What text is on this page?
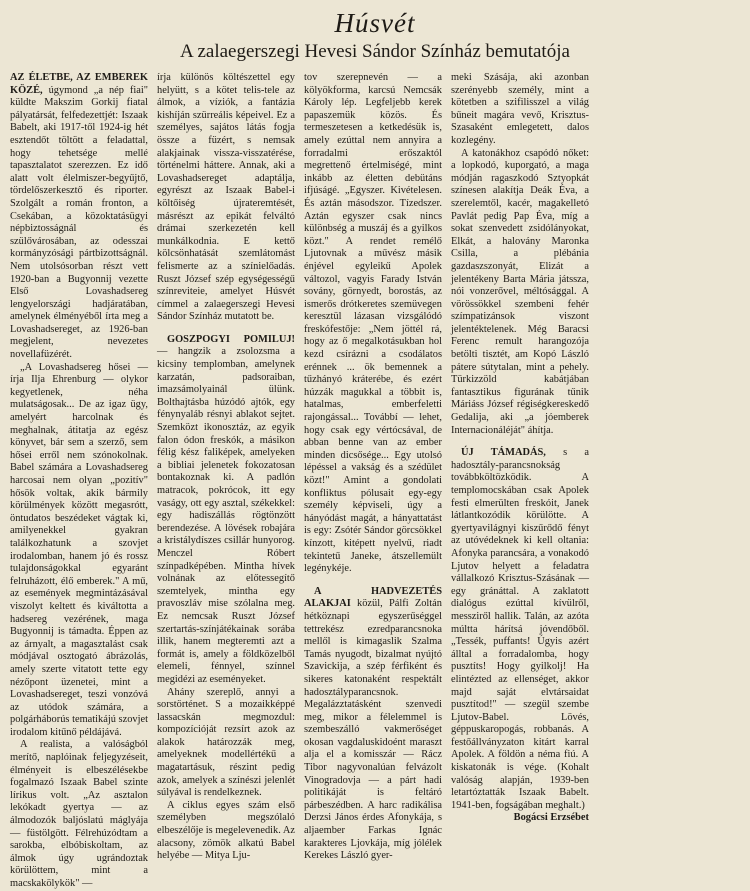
Húsvét
A zalaegerszegi Hevesi Sándor Színház bemutatója

AZ ÉLETBE, AZ EMBEREK KÖZÉ, úgymond „a nép fiai" küldte Makszim Gorkij fiatal pályatársát, felfedezettjét: Iszaak Babelt, aki 1917-től 1924-ig hét esztendőt töltött a feladattal, hogy tehetsége mellé tapasztalatot szerezzen. Ez idő alatt volt élelmiszer-begyűjtő, tördelőszerkesztő és riporter. Szolgált a román fronton, a Csekában, a közoktatásügyi népbiztosságnál és szülővárosában, az odesszai kormányzósági pártbizottságnál. Nem utolsósorban részt vett 1920-ban a Bugyonnij vezette Első Lovashadsereg lengyelországi hadjáratában, amelynek élményéből írta meg a Lovashadsereget, az 1926-ban megjelent, nevezetes novellafüzérét.

„A Lovashadsereg hősei — írja Ilja Ehrenburg — olykor kegyetlenek, néha mulatságosak... De az igaz ügy, amelyért harcolnak és meghalnak, átitatja az egész könyvet, bár sem a szerző, sem hősei erről nem szónokolnak. Babel számára a Lovashadsereg harcosai nem olyan „pozitív" hősök voltak, akik bármily körülmények között megasrótt, öntudatos beszédeket vágtak ki, amilyenekkel gyakran találkozhatunk a szovjet irodalomban, hanem jó és rossz tulajdonságokkal egyaránt felruházott, élő emberek." A mű, az események megmintázásával viszolyt keltett és kiváltotta a hadsereg vezérének, maga Bugyonnij is támadta. Éppen az az árnyalt, a magasztalást csak módjával osztogató ábrázolás, amely szerte vitatott tette egy nézőpont üzenetei, mint a Lovashadsereget, teszi vonzóvá az utódok számára, a polgárháborús tematikájú szovjet irodalom kitűnő példájává.

A realista, a valóságból merítő, naplóinak feljegyzéseit, élményeit is elbeszélésekbe fogalmazó Iszaak Babel szinte lírikus volt. „Az asztalon lekókadt gyertya — az álmodozók baljóslatú máglyája — füstölgött. Félrehúzódtam a sarokba, elbóbiskoltam, az álmok úgy ugrándoztak körülöttem, mint a macskakölykök" —

írja különös költészettel egy helyütt, s a kötet telis-tele az álmok, a víziók, a fantázia kishíján szürreális képeivel. Ez a személyes, sajátos látás fogja össze a füzért, s nemsak alakjainak vissza-visszatérése, történelmi háttere. Annak, aki a Lovashadsereget adaptálja, egyrészt az Iszaak Babel-i költőiség újrateremtését, másrészt az epikát felváltó drámai szerkezetén kell munkálkodnia. E kettő kölcsönhatását szemlátomást felismerte az a színielőadás. Ruszt József szép egységességű színreviteie, amelyet Húsvét címmel a zalaegerszegi Hevesi Sándor Színház mutatott be.

GOSZPOGYI POMILUJ! — hangzik a zsolozsma a kicsiny templomban, amelynek karzatán, padsoraiban, imazsámolyainál ülünk. Bolthajtásba húzódó ajtók, egy fénynyaláb résnyi ablakot sejtet. Szemközt ikonosztáz, az egyik falon ódon freskók, a másikon félig kész faliképek, amelyeken a bibliai jelenetek fokozatosan bontakoznak ki. A padlón matracok, pokrócok, itt egy vaságy, ott egy asztal, székekkel: egy hadiszállás rögtönzött berendezése. A lövések robajára a kristálydíszes csillár hunyorog. Menczel Róbert színpadképében. Mintha hívek volnának az előtessegítő szemtelyek, mintha egy pravoszláv mise szólalna meg. Ez nemcsak Ruszt József szertartás-színjátékainak sorába illik, hanem megteremti azt a formát is, amely a földközelből elemeli, fénnyel, színnel megidézi az eseményeket.

Ahány szereplő, annyi a sorstörténet. S a mozaikképpé lassacskán megmozdul: kompozícióját rezsírt azok az alakok határozzák meg, amelyeknek modellértékű a magatartásuk, részint pedig azok, amelyek a színészi jelenlét súlyával is rendelkeznek.

A ciklus egyes szám első személyben megszólaló elbeszélője is megelevenedik. Az alacsony, zömök alkatú Babel helyébe — Mitya Lju-

tov szerepnevén — a kölyökforma, karcsú Nemcsák Károly lép. Legfeljebb kerek papaszemük közös. És termeszetesen a ketkedésük is, amely ezúttal nem annyira a forradalmi erőszaktól megrettenő értelmiségé, mint inkább az életten debütáns ifjúságé. „Egyszer. Kivételesen. És aztán másodszor. Tízedszer. Aztán egyszer csak nincs különbség a muszáj és a gyilkos közt." A rendet remélő Ljutovnak a művész másik énjével egyleikű Apolek változol, vagyis Farady István sovány, görnyedt, borostás, az ismerős drótkeretes szemüvegen keresztül lázasan vizsgálódó freskófestője: „Nem jöttél rá, hogy az ő megalkotásukban hol kezd csírázni a csodálatos erénnek ... ök bemennek a tűzhányó kráterébe, és ezért húzzák magukkal a többit is, hatalmas, emberfeletti rajongással... Továbbí — lehet, hogy csak egy vértócsával, de abban benne van az ember minden dicsősége... Egy utolsó lépéssel a vakság és a szédület közt!" Amint a gondolati konfliktus pólusait egy-egy személy képviseli, úgy a hányódást magát, a hányattatást is egy: Zsótér Sándor görcsökkel kínzott, kitépett nyelvű, riadt tekintetű Janeke, átszellemült legénykéje.

A HADVEZETÉS ALAKJAI közül, Pálfi Zoltán hétköznapi egyszerűséggel tettrekész ezredparancsnoka mellől is kimagaslik Szalma Tamás nyugodt, bizalmat nyújtó Szavickija, a szép férfiként és sikeres katonaként respektált hadosztályparancsnok. Megalázztatásként szenvedi meg, mikor a félelemmel is szembeszálló vakmerőséget okosan vagdaluskidoént maraszt alja el a komisszár — Rácz Tibor nagyvonalúan felvázolt Vinogradovja — a párt hadi politikáját is feltáró párbeszédben. A harc radikálisa Derzsi János érdes Afonykája, s aljaember Farkas Ignác karakteres Ljovkája, míg jólélek Kerekes László gyer-

meki Szásája, aki azonban szerényebb személy, mint a kötetben a szifilisszel a világ bűneit magára vevő, Krisztus-Szasaként emlegetett, dalos kozlegény.

A katonákhoz csapódó nőket: a lopkodó, kuporgató, a maga módján ragaszkodó Sztyopkát színesen alakítja Deák Éva, a szerelemtől, kacér, magakelletó Pavlát pedig Pap Éva, míg a sokat szenvedett zsidólányokat, Elkát, a halovány Maronka Csilla, a plébánia gazdaszszonyát, Elizát a jelentékeny Barta Mária játssza, nói vonzerővel, méltósággal. A vörössökkel szembeni fehér szímpatizánsok viszont jelentéktelenek. Még Baracsi Ferenc remult harangozója betölti tisztét, am Kopó László pátere sútytalan, mint a pehely. Türkizzöld kabátjában fantasztikus figurának tűnik Máriáss József régiségkereskedő Gedalija, aki „a jóemberek Internacionáléját" áhítja.

ÚJ TÁMADÁS, s a hadosztály-parancsnokság továbbköltözködik. A templomocskában csak Apolek festi elmerülten freskóit, Janek látlantkozódik körülötte. A gyertyavilágnyi kiszűrődő fényt az utóvédeknek ki kell oltania: Afonyka parancsára, a vonakodó Ljutov helyett a feladatra vállalkozó Krisztus-Szásának — egy gránáttal. A zaklatott dialógus ezúttal kívülről, messziről hallik. Talán, az azóta múltta hárítsá jóvendőből. „Tessék, puffants! Úgyis azért álltal a forradalomba, hogy pusztíts! Hogy gyilkolj! Ha elintézted az ellenséget, akkor majd saját elvtársaidat pusztítod!" — szegül szembe Ljutov-Babel. Lövés, géppuskaropogás, robbanás. A festőállványzaton kitárt karral Apolek. A földön a néma fiú. A kiskatonák is vége. (Kohalt valóság alapján, 1939-ben letartóztatták Iszaak Babelt. 1941-ben, fogságában meghalt.)

Bogácsi Erzsébet
